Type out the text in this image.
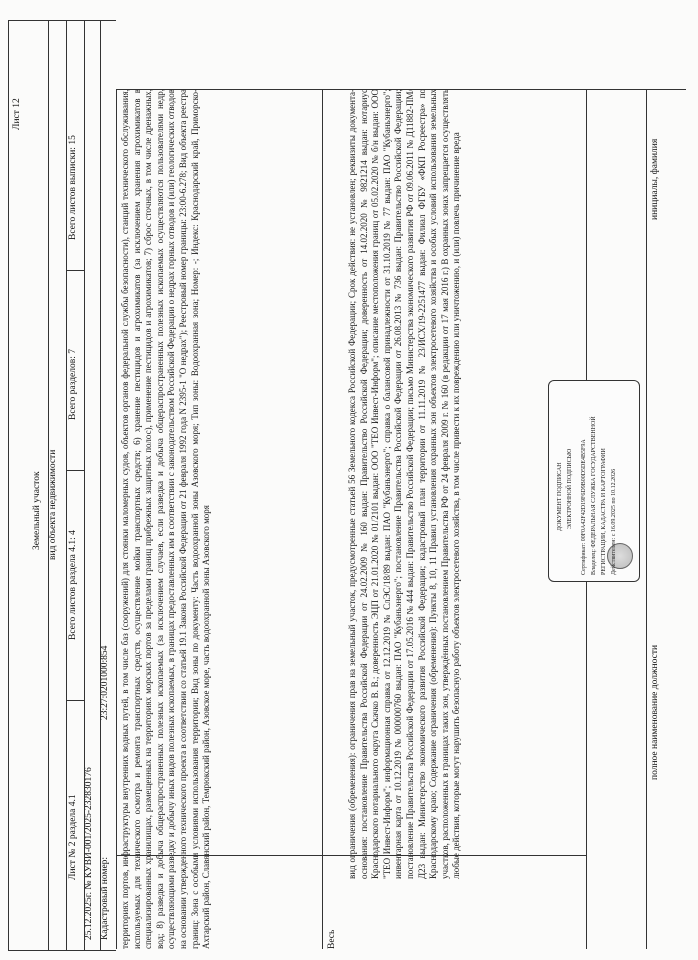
территориях портов, инфраструктуры внутренних водных путей, в том числе баз (сооружений) для стоянки маломерных судов, объектов органов федеральной службы безопасности), станций технического обслуживания, используемых для технического осмотра и ремонта транспортных средств, осуществление мойки транспортных средств; 6) хранение пестицидов и агрохимикатов (за исключением хранения агрохимикатов в специализированных хранилищах, размещенных на территориях морских портов за пределами границ прибрежных защитных полос), применение пестицидов и агрохимикатов; 7) сброс сточных, в том числе дренажных, вод; 8) разведка и добыча общераспространенных полезных ископаемых (за исключением случаев, если разведка и добыча общераспространенных полезных ископаемых осуществляются пользователями недр, осуществляющими разведку и добычу иных видов полезных ископаемых, в границах предоставленных им в соответствии с законодательством Российской Федерации о недрах горных отводов и (или) геологических отводов на основании утвержденного технического проекта в соответствии со статьей 19.1 Закона Российской Федерации от 21 февраля 1992 года N 2395-1 "О недрах"); Реестровый номер границы: 23:00-6.278; Вид объекта реестра границ: Зона с особыми условиями использования территории; Вид зоны по документу: Часть водоохранной зоны Азовского моря; Тип зоны: Водоохранная зона; Номер: -; Индекс: Краснодарский край, Приморско-Ахтарский район, Славянский район, Темрюкский район, Азовское море, часть водоохранной зоны Азовского моря	Весь
вид ограничения (обременения): ограничения прав на земельный участок, предусмотренные статьей 56 Земельного кодекса Российской Федерации; Срок действия: не установлен; реквизиты документа-основания: постановление Правительства Российской Федерации от 24.02.2009 № 160 выдан: Правительство Российской Федерации; доверенность от 14.02.2020 № 9821214 выдан: нотариус Краснодарского нотариального округа Скачко В. В.; доверенность ЭЦП от 21.01.2020 № 01/2101 выдан: ООО "ТЕО Инвест-Информ"; описание местоположения границ от 05.02.2020 № б/н выдан: ООО "ТЕО Инвест-Информ"; информационная справка от 12.12.2019 № СлЭС/18/89 выдан: ПАО "Кубаньэнерго"; справка о балансовой принадлежности от 31.10.2019 № 77 выдан: ПАО "Кубаньэнерго"; инвентарная карта от 10.12.2019 № 000000760 выдан: ПАО "Кубаньэнерго"; постановление Правительства Российской Федерации от 26.08.2013 № 736 выдан: Правительство Российской Федерации; постановление Правительства Российской Федерации от 17.05.2016 № 444 выдан: Правительство Российской Федерации; письмо Министерства экономического развития РФ от 09.06.2011 № Д11882-ПМ/Д23 выдан: Министерство экономического развития Российской Федерации; кадастровый план территории от 11.11.2019 № 23/ИСХ/19-2251477 выдан: Филиал ФГБУ «ФКП Росреестра» по Краснодарскому краю; Содержание ограничения (обременения): Пункты 8, 10, 11 Правил установления охранных зон объектов электросетевого хозяйства и особых условий использования земельных участков, расположенных в границах таких зон, утверждённых постановлением Правительства РФ от 24 февраля 2009 г. № 160 (в редакции от 17 мая 2016 г.) В охранных зонах запрещается осуществлять любые действия, которые могут нарушить безопасную работу объектов электросетевого хозяйства, в том числе привести к их повреждению или уничтожению, и (или) повлечь причинение вреда	полное наименование должности
инициалы, фамилия
ДОКУМЕНТ ПОДПИСАН ЭЛЕКТРОННОЙ ПОДПИСЬЮ Сертификат: 00F0A42F42D19F6D9B00D5DE4B5F9A Владелец: ФЕДЕРАЛЬНАЯ СЛУЖБА ГОСУДАРСТВЕННОЙ РЕГИСТРАЦИИ, КАДАСТРА И КАРТОГРАФИИ Действителен: с 16.09.2025 по 10.12.2026
Лист 12
Земельный участок вид объекта недвижимости
Лист № 2 раздела 4.1
Всего листов раздела 4.1: 4
Всего разделов: 7
Всего листов выписки: 15
25.12.2025г. № КУВИ-001/2025-232830176 Кадастровый номер:
23:27:0201000:854
